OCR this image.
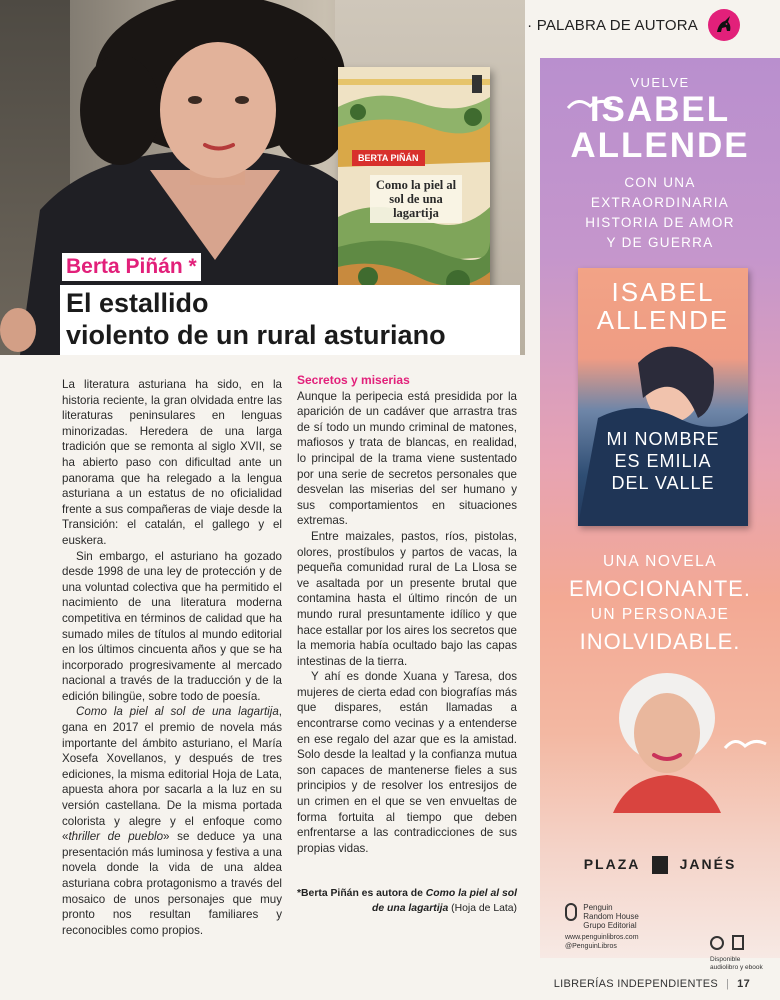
· PALABRA DE AUTORA
BERTA PIÑÁN
Como la piel al sol de una lagartija
Berta Piñán *
El estallido
violento de un rural asturiano

La literatura asturiana ha sido, en la historia reciente, la gran olvidada entre las literaturas peninsulares en lenguas minorizadas. Heredera de una larga tradición que se remonta al siglo XVII, se ha abierto paso con dificultad ante un panorama que ha relegado a la lengua asturiana a un estatus de no oficialidad frente a sus compañeras de viaje desde la Transición: el catalán, el gallego y el euskera.

Sin embargo, el asturiano ha gozado desde 1998 de una ley de protección y de una voluntad colectiva que ha permitido el nacimiento de una literatura moderna competitiva en términos de calidad que ha sumado miles de títulos al mundo editorial en los últimos cincuenta años y que se ha incorporado progresivamente al mercado nacional a través de la traducción y de la edición bilingüe, sobre todo de poesía.

Como la piel al sol de una lagartija, gana en 2017 el premio de novela más importante del ámbito asturiano, el María Xosefa Xovellanos, y después de tres ediciones, la misma editorial Hoja de Lata, apuesta ahora por sacarla a la luz en su versión castellana. De la misma portada colorista y alegre y el enfoque como «thriller de pueblo» se deduce ya una presentación más luminosa y festiva a una novela donde la vida de una aldea asturiana cobra protagonismo a través del mosaico de unos personajes que muy pronto nos resultan familiares y reconocibles como propios.

Secretos y miserias

Aunque la peripecia está presidida por la aparición de un cadáver que arrastra tras de sí todo un mundo criminal de matones, mafiosos y trata de blancas, en realidad, lo principal de la trama viene sustentado por una serie de secretos personales que desvelan las miserias del ser humano y sus comportamientos en situaciones extremas.

Entre maizales, pastos, ríos, pistolas, olores, prostíbulos y partos de vacas, la pequeña comunidad rural de La Llosa se ve asaltada por un presente brutal que contamina hasta el último rincón de un mundo rural presuntamente idílico y que hace estallar por los aires los secretos que la memoria había ocultado bajo las capas intestinas de la tierra.

Y ahí es donde Xuana y Taresa, dos mujeres de cierta edad con biografías más que dispares, están llamadas a encontrarse como vecinas y a entenderse en ese regalo del azar que es la amistad. Solo desde la lealtad y la confianza mutua son capaces de mantenerse fieles a sus principios y de resolver los entresijos de un crimen en el que se ven envueltas de forma fortuita al tiempo que deben enfrentarse a las contradicciones de sus propias vidas.

*Berta Piñán es autora de Como la piel al sol de una lagartija (Hoja de Lata)
VUELVE
ISABEL
ALLENDE
CON UNA
EXTRAORDINARIA
HISTORIA DE AMOR
Y DE GUERRA
ISABEL
ALLENDE
MI NOMBRE
ES EMILIA
DEL VALLE
UNA NOVELA
EMOCIONANTE.
UN PERSONAJE
INOLVIDABLE.
PLAZA	JANÉS

Penguin
Random House
Grupo Editorial
www.penguinlibros.com
@PenguinLibros

Disponible
audiolibro y ebook
LIBRERÍAS INDEPENDIENTES | 17
